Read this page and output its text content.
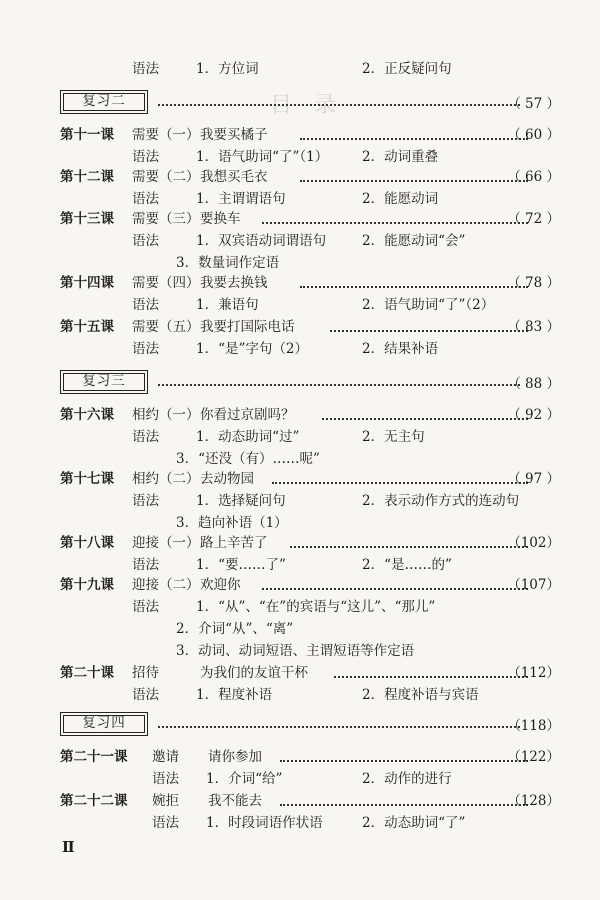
目　录
语法	1．方位词	2．正反疑问句
复习二	（ 57 ）
第十一课 需要（一） 我要买橘子	（ 60 ）
语法	1．语气助词“了”（1）	2．动词重叠
第十二课 需要（二） 我想买毛衣	（ 66 ）
语法	1．主谓谓语句	2．能愿动词
第十三课 需要（三） 要换车	（ 72 ）
语法	1．双宾语动词谓语句	2．能愿动词“会”
3．数量词作定语
第十四课 需要（四） 我要去换钱	（ 78 ）
语法	1．兼语句	2．语气助词“了”（2）
第十五课 需要（五） 我要打国际电话	（ 83 ）
语法	1．“是”字句（2）	2．结果补语
复习三	（ 88 ）
第十六课 相约（一） 你看过京剧吗？	（ 92 ）
语法	1．动态助词“过”	2．无主句
3．“还没（有）……呢”
第十七课 相约（二） 去动物园	（ 97 ）
语法	1．选择疑问句	2．表示动作方式的连动句
3．趋向补语（1）
第十八课 迎接（一） 路上辛苦了	（102）
语法	1．“要……了”	2．“是……的”
第十九课 迎接（二） 欢迎你	（107）
语法	1．“从”、“在”的宾语与“这儿”、“那儿”
2．介词“从”、“离”
3．动词、动词短语、主谓短语等作定语
第二十课 招待	为我们的友谊干杯	（112）
语法	1．程度补语	2．程度补语与宾语
复习四	（118）
第二十一课 邀请 请你参加	（122）
语法 1．介词“给”	2．动作的进行
第二十二课 婉拒 我不能去	（128）
语法 1．时段词语作状语	2．动态助词“了”
Ⅱ
